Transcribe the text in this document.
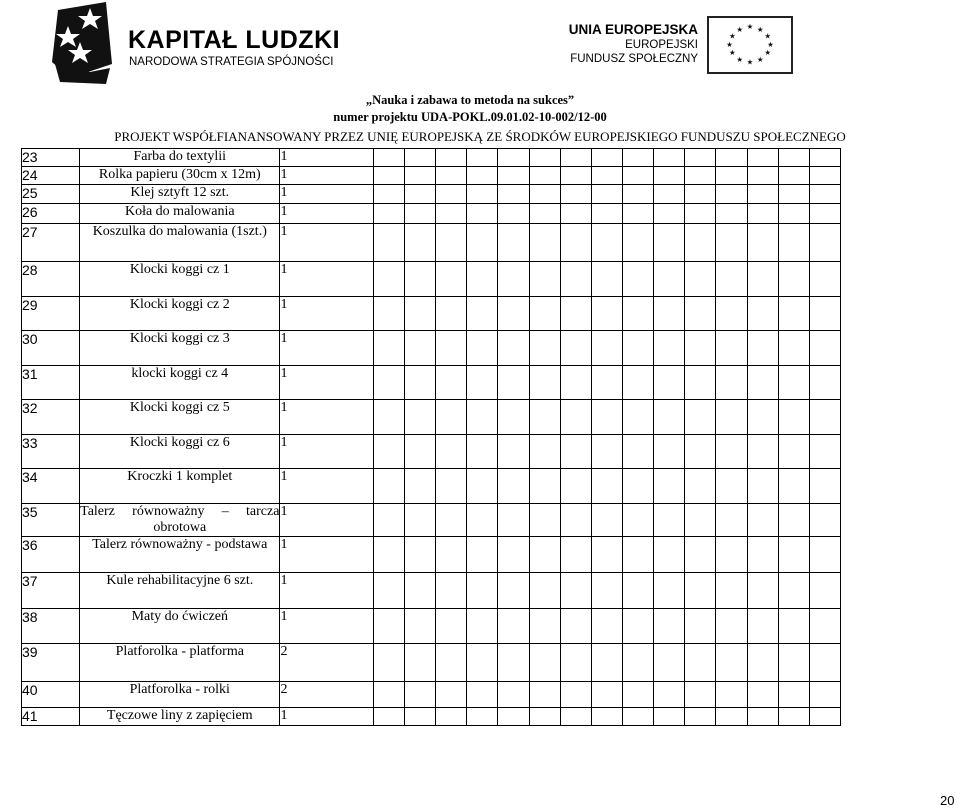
KAPITAŁ LUDZKI
NARODOWA STRATEGIA SPÓJNOŚCI
UNIA EUROPEJSKA
EUROPEJSKI
FUNDUSZ SPOŁECZNY
★ ★
★
★
★
★
★
★
★
★
★
★
„Nauka i zabawa to metoda na sukces”
numer projektu UDA-POKL.09.01.02-10-002/12-00
PROJEKT WSPÓŁFIANANSOWANY PRZEZ UNIĘ EUROPEJSKĄ ZE ŚRODKÓW EUROPEJSKIEGO FUNDUSZU SPOŁECZNEGO
23	Farba do textylii	1															
24	Rolka papieru (30cm x 12m)	1															
25	Klej sztyft 12 szt.	1															
26	Koła do malowania	1															
27	Koszulka do malowania (1szt.)	1															
28	Klocki koggi cz 1	1															
29	Klocki koggi cz 2	1															
30	Klocki koggi cz 3	1															
31	klocki koggi cz 4	1															
32	Klocki koggi cz 5	1															
33	Klocki koggi cz 6	1															
34	Kroczki 1 komplet	1															
35	Talerz równoważny – tarcza obrotowa	1															
36	Talerz równoważny - podstawa	1															
37	Kule rehabilitacyjne 6 szt.	1															
38	Maty do ćwiczeń	1															
39	Platforolka - platforma	2															
40	Platforolka - rolki	2															
41	Tęczowe liny z zapięciem	1															
20
